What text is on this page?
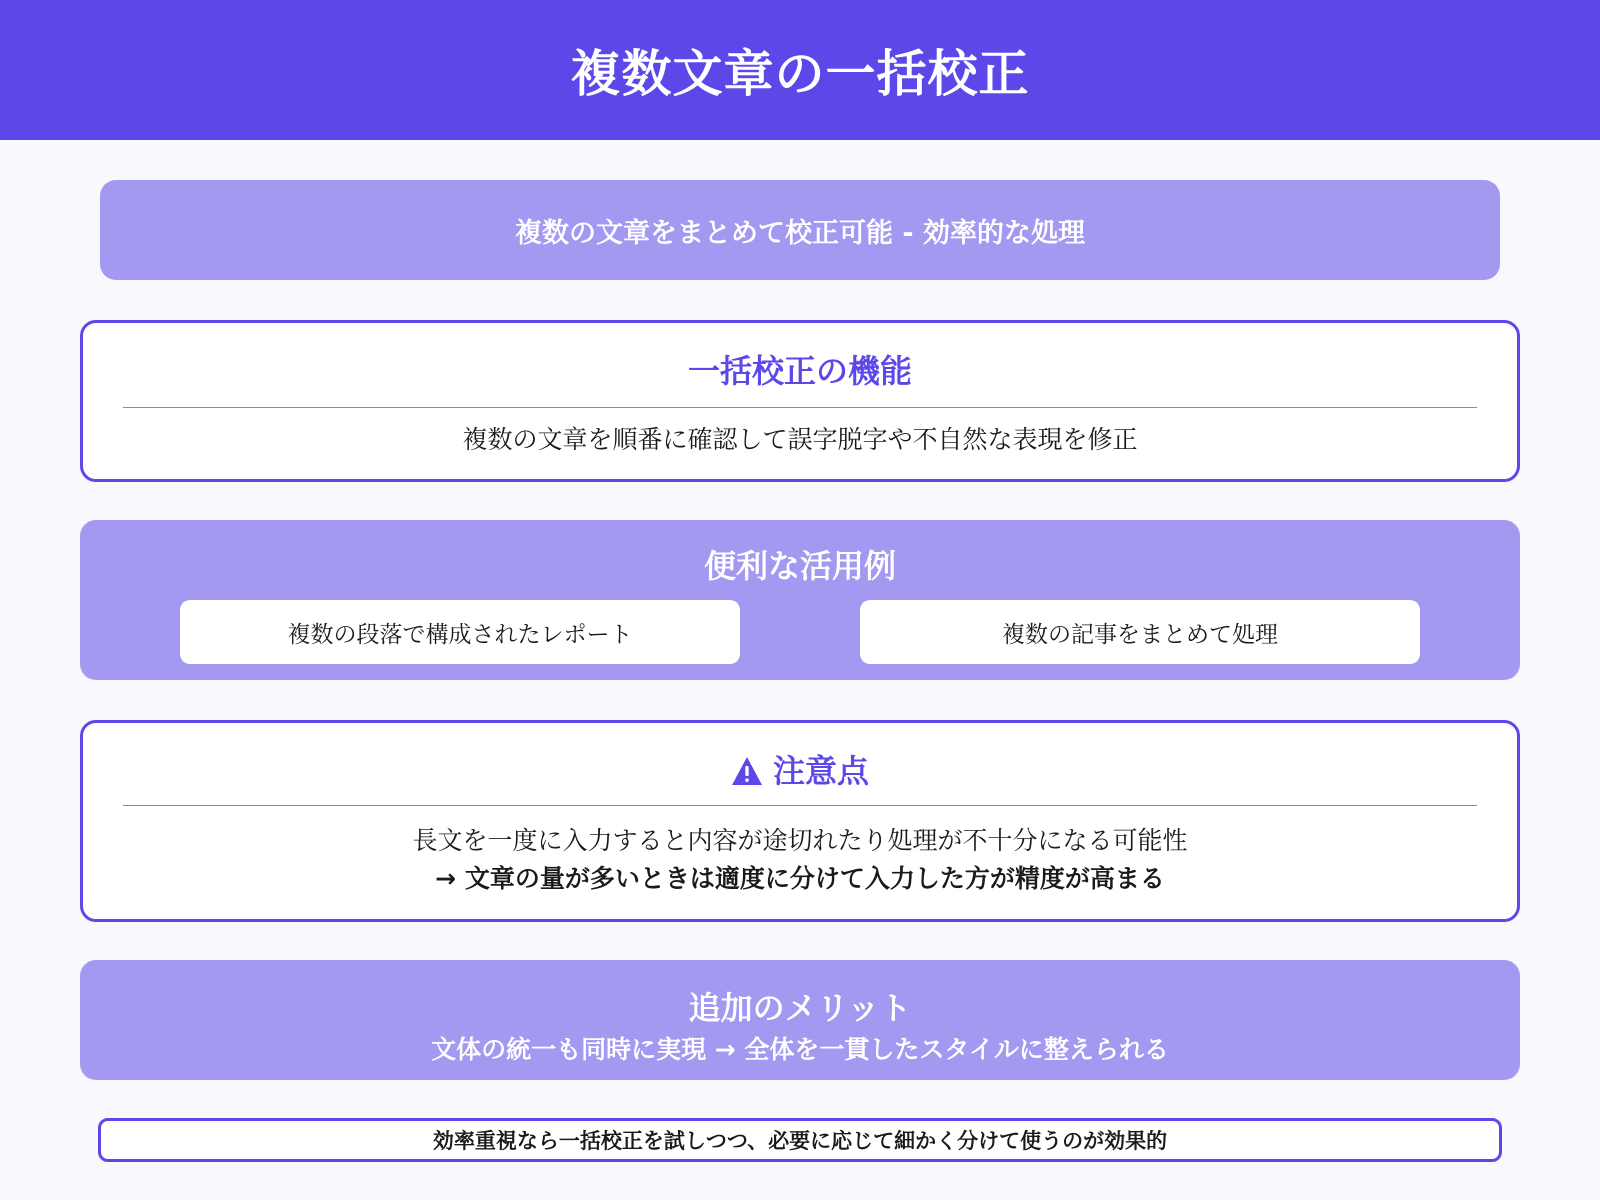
複数文章の一括校正
複数の文章をまとめて校正可能 - 効率的な処理
一括校正の機能
複数の文章を順番に確認して誤字脱字や不自然な表現を修正
便利な活用例
複数の段落で構成されたレポート	複数の記事をまとめて処理
注意点
長文を一度に入力すると内容が途切れたり処理が不十分になる可能性
→ 文章の量が多いときは適度に分けて入力した方が精度が高まる
追加のメリット
文体の統一も同時に実現 → 全体を一貫したスタイルに整えられる
効率重視なら一括校正を試しつつ、必要に応じて細かく分けて使うのが効果的
